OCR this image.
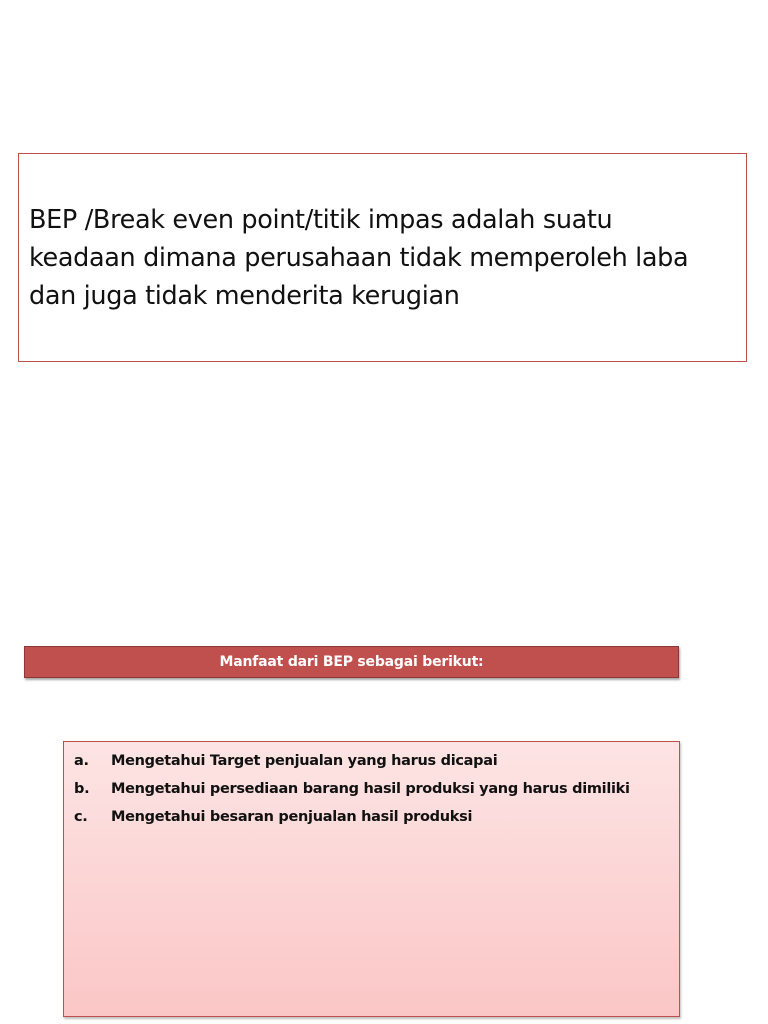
BEP /Break even point/titik impas adalah suatu keadaan dimana perusahaan tidak memperoleh laba dan juga tidak menderita kerugian

Manfaat dari BEP sebagai berikut:
a.	Mengetahui Target penjualan yang harus dicapai
b.	Mengetahui persediaan barang hasil produksi yang harus dimiliki
c.	Mengetahui besaran penjualan hasil produksi
